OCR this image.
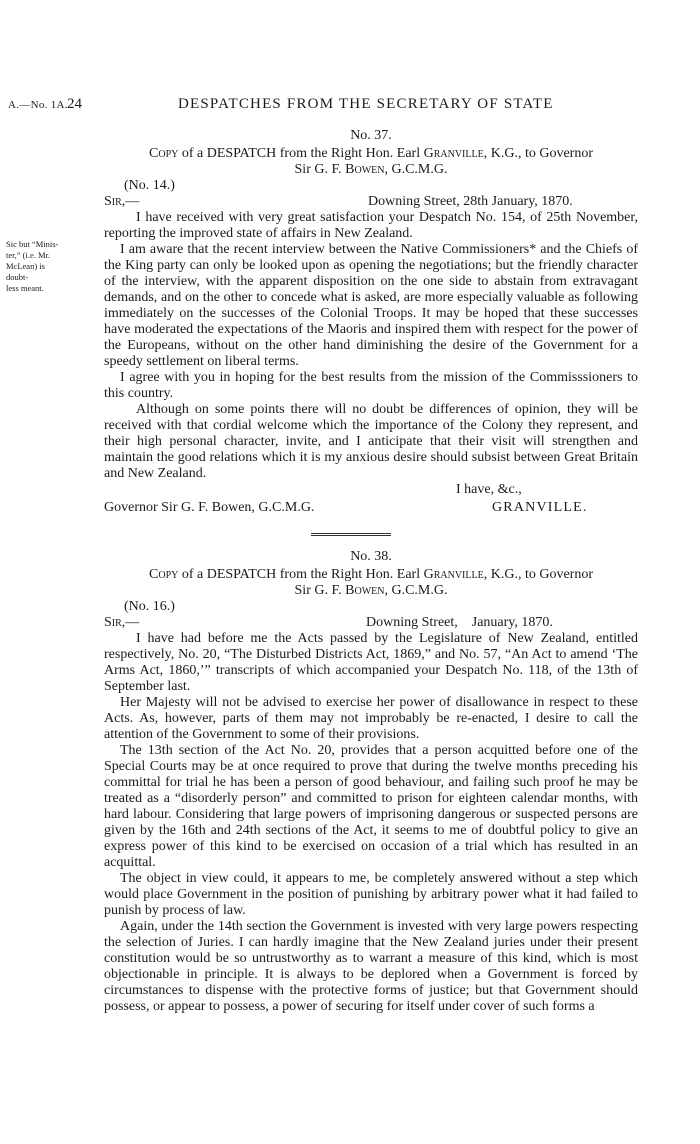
A.—No. 1A. 24	DESPATCHES FROM THE SECRETARY OF STATE
Sic but “Minis-
ter,” (i.e. Mr.
McLean) is doubt-
less meant.
No. 37.
Copy of a DESPATCH from the Right Hon. Earl Granville, K.G., to Governor
Sir G. F. Bowen, G.C.M.G.
(No. 14.)
Sir,—	Downing Street, 28th January, 1870.

I have received with very great satisfaction your Despatch No. 154, of 25th November, reporting the improved state of affairs in New Zealand.

I am aware that the recent interview between the Native Commissioners* and the Chiefs of the King party can only be looked upon as opening the negotiations; but the friendly character of the interview, with the apparent disposition on the one side to abstain from extravagant demands, and on the other to concede what is asked, are more especially valuable as following immediately on the successes of the Colonial Troops. It may be hoped that these successes have moderated the expectations of the Maoris and inspired them with respect for the power of the Europeans, without on the other hand diminishing the desire of the Government for a speedy settlement on liberal terms.

I agree with you in hoping for the best results from the mission of the Commisssioners to this country.

Although on some points there will no doubt be differences of opinion, they will be received with that cordial welcome which the importance of the Colony they represent, and their high personal character, invite, and I anticipate that their visit will strengthen and maintain the good relations which it is my anxious desire should subsist between Great Britain and New Zealand.

I have, &c.,
Governor Sir G. F. Bowen, G.C.M.G.	GRANVILLE.
No. 38.
Copy of a DESPATCH from the Right Hon. Earl Granville, K.G., to Governor
Sir G. F. Bowen, G.C.M.G.
(No. 16.)
Sir,—	Downing Street,    January, 1870.

I have had before me the Acts passed by the Legislature of New Zealand, entitled respectively, No. 20, “The Disturbed Districts Act, 1869,” and No. 57, “An Act to amend ‘The Arms Act, 1860,’” transcripts of which accompanied your Despatch No. 118, of the 13th of September last.

Her Majesty will not be advised to exercise her power of disallowance in respect to these Acts. As, however, parts of them may not improbably be re-enacted, I desire to call the attention of the Government to some of their provisions.

The 13th section of the Act No. 20, provides that a person acquitted before one of the Special Courts may be at once required to prove that during the twelve months preceding his committal for trial he has been a person of good behaviour, and failing such proof he may be treated as a “disorderly person” and committed to prison for eighteen calendar months, with hard labour. Considering that large powers of imprisoning dangerous or suspected persons are given by the 16th and 24th sections of the Act, it seems to me of doubtful policy to give an express power of this kind to be exercised on occasion of a trial which has resulted in an acquittal.

The object in view could, it appears to me, be completely answered without a step which would place Government in the position of punishing by arbitrary power what it had failed to punish by process of law.

Again, under the 14th section the Government is invested with very large powers respecting the selection of Juries. I can hardly imagine that the New Zealand juries under their present constitution would be so untrustworthy as to warrant a measure of this kind, which is most objectionable in principle. It is always to be deplored when a Government is forced by circumstances to dispense with the protective forms of justice; but that Government should possess, or appear to possess, a power of securing for itself under cover of such forms a
